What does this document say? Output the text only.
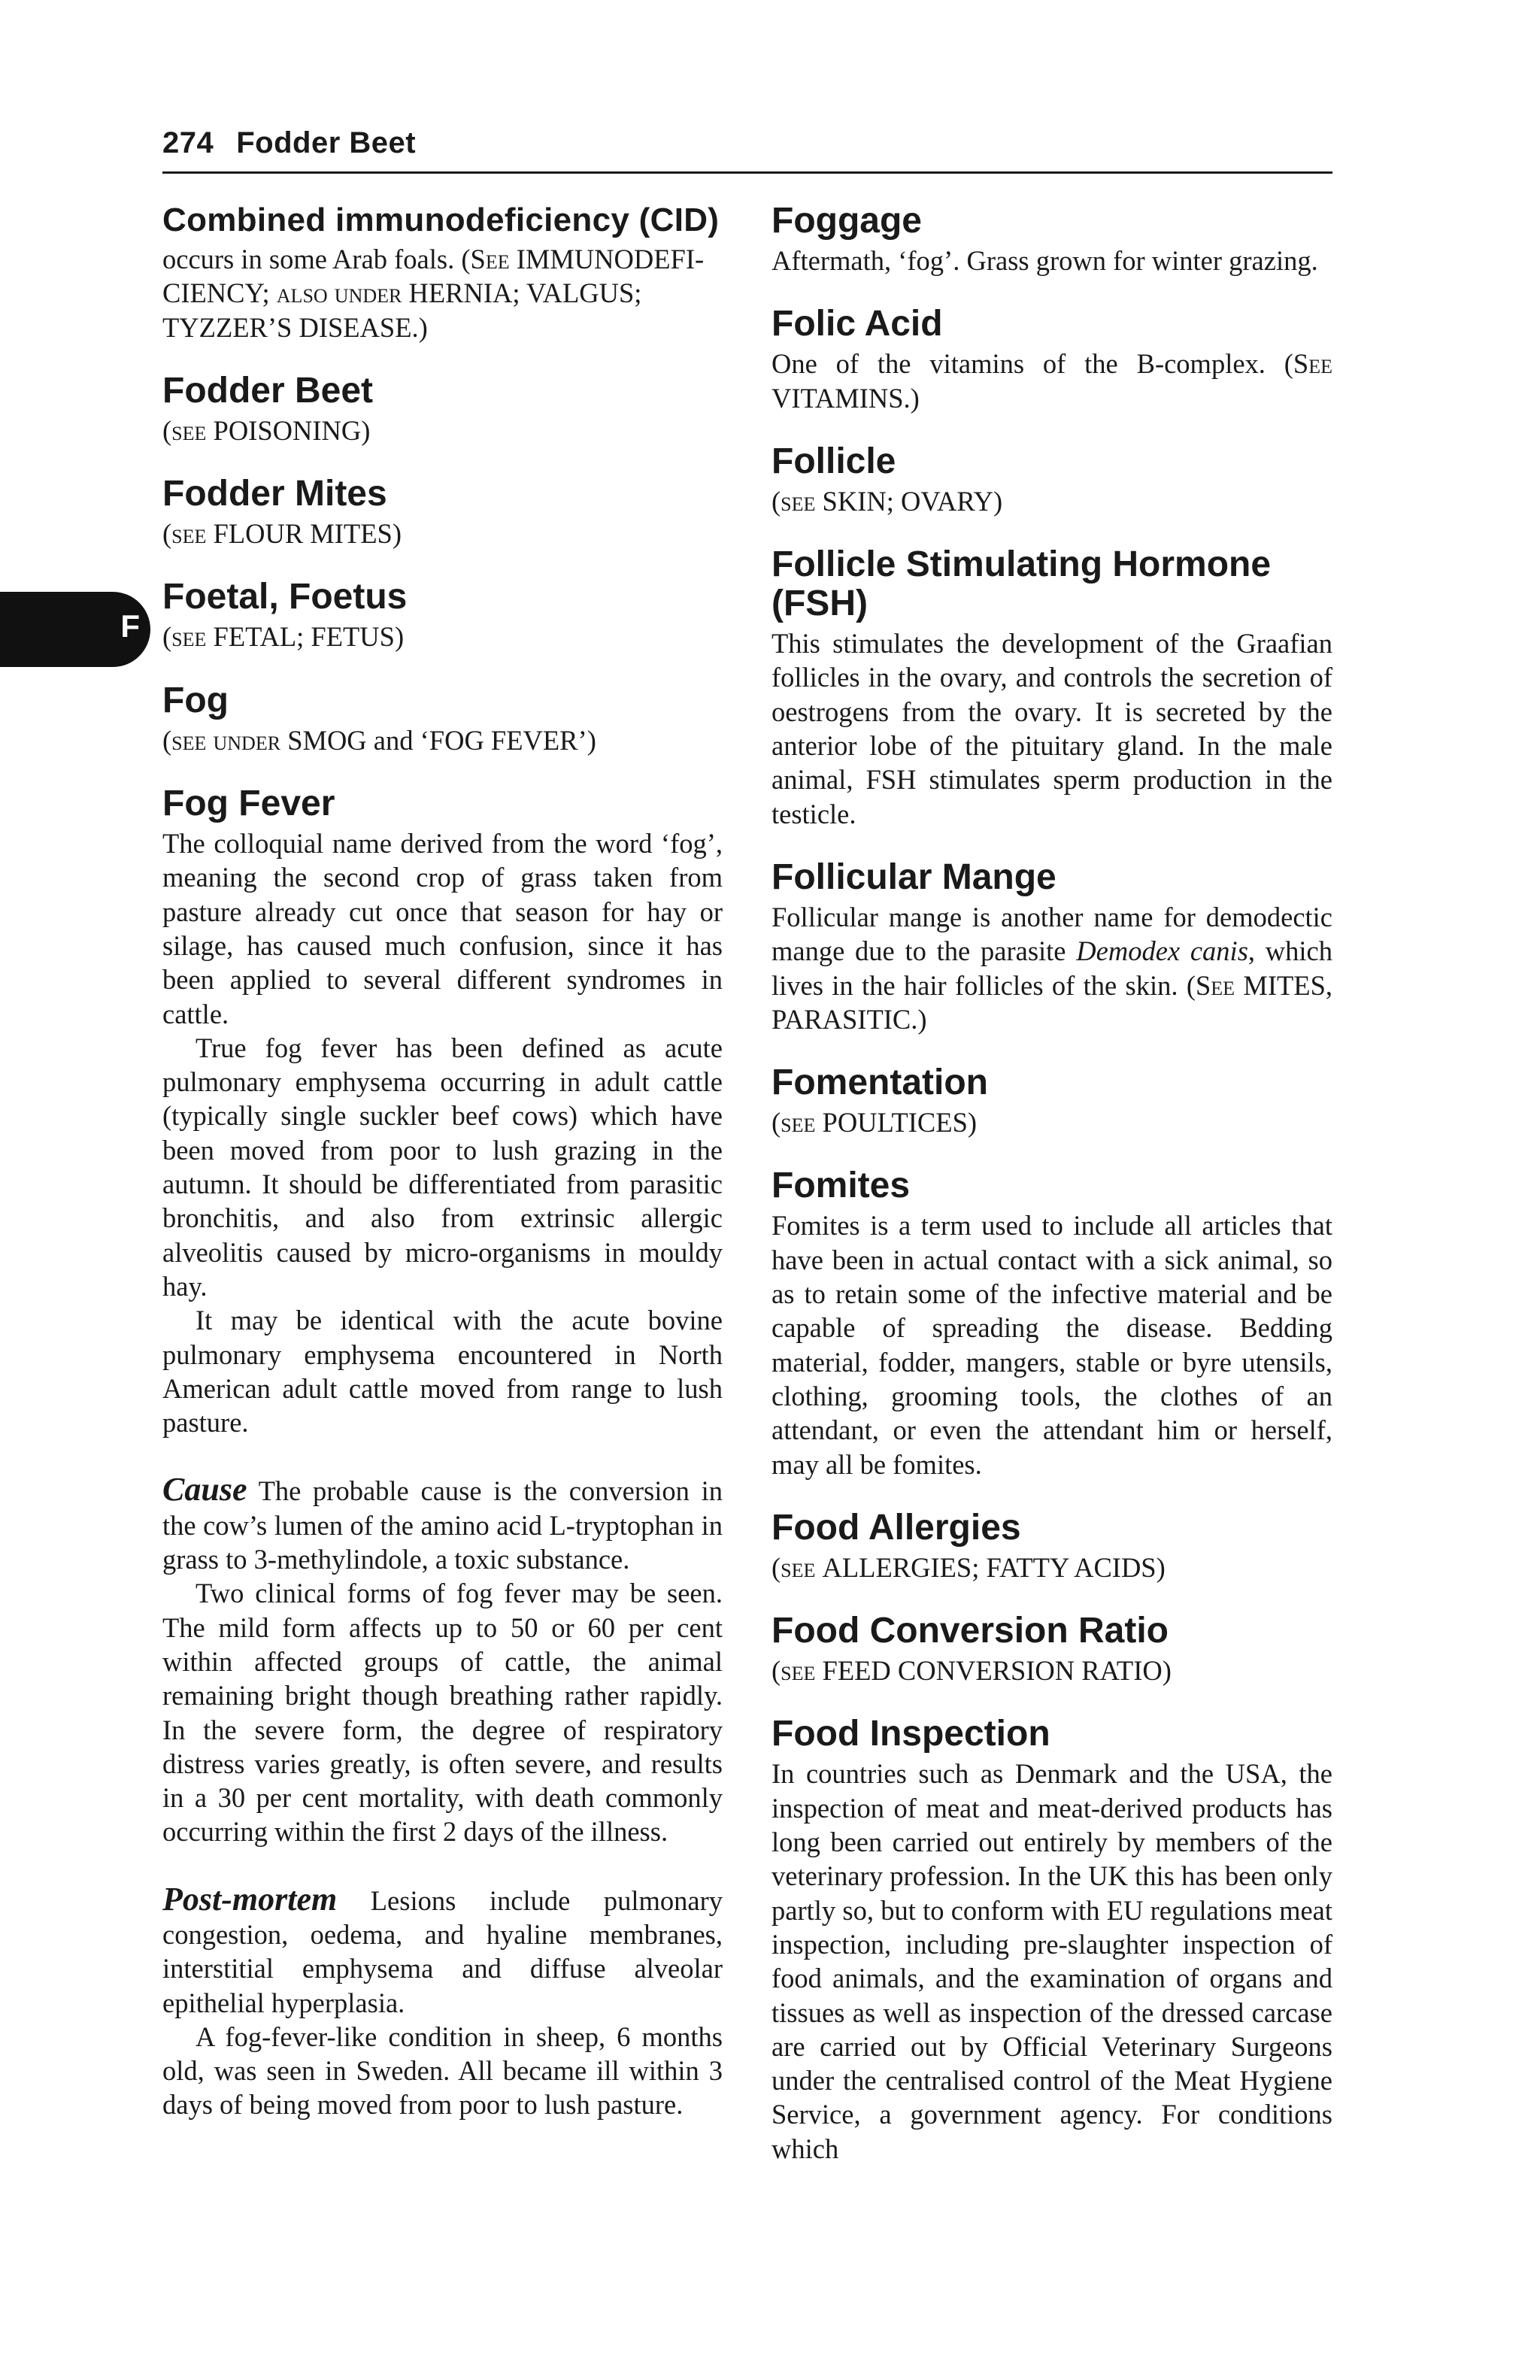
274 Fodder Beet
F
Combined immunodeficiency (CID)

occurs in some Arab foals. (See IMMUNODEFI- CIENCY; also under HERNIA; VALGUS; TYZZER’S DISEASE.)

Fodder Beet

(see POISONING)

Fodder Mites

(see FLOUR MITES)

Foetal, Foetus

(see FETAL; FETUS)

Fog

(see under SMOG and ‘FOG FEVER’)

Fog Fever

The colloquial name derived from the word ‘fog’, meaning the second crop of grass taken from pasture already cut once that season for hay or silage, has caused much confusion, since it has been applied to several different syndromes in cattle.

True fog fever has been defined as acute pulmonary emphysema occurring in adult cattle (typically single suckler beef cows) which have been moved from poor to lush grazing in the autumn. It should be differentiated from parasitic bronchitis, and also from extrinsic allergic alveolitis caused by micro-organisms in mouldy hay.

It may be identical with the acute bovine pulmonary emphysema encountered in North American adult cattle moved from range to lush pasture.

Cause The probable cause is the conversion in the cow’s lumen of the amino acid L-tryptophan in grass to 3-methylindole, a toxic substance.

Two clinical forms of fog fever may be seen. The mild form affects up to 50 or 60 per cent within affected groups of cattle, the animal remaining bright though breathing rather rapidly. In the severe form, the degree of respiratory distress varies greatly, is often severe, and results in a 30 per cent mortality, with death commonly occurring within the first 2 days of the illness.

Post-mortem Lesions include pulmonary congestion, oedema, and hyaline membranes, interstitial emphysema and diffuse alveolar epithelial hyperplasia.

A fog-fever-like condition in sheep, 6 months old, was seen in Sweden. All became ill within 3 days of being moved from poor to lush pasture.

Foggage

Aftermath, ‘fog’. Grass grown for winter grazing.

Folic Acid

One of the vitamins of the B-complex. (See VITAMINS.)

Follicle

(see SKIN; OVARY)

Follicle Stimulating Hormone (FSH)

This stimulates the development of the Graafian follicles in the ovary, and controls the secretion of oestrogens from the ovary. It is secreted by the anterior lobe of the pituitary gland. In the male animal, FSH stimulates sperm production in the testicle.

Follicular Mange

Follicular mange is another name for demodectic mange due to the parasite Demodex canis, which lives in the hair follicles of the skin. (See MITES, PARASITIC.)

Fomentation

(see POULTICES)

Fomites

Fomites is a term used to include all articles that have been in actual contact with a sick animal, so as to retain some of the infective material and be capable of spreading the disease. Bedding material, fodder, mangers, stable or byre utensils, clothing, grooming tools, the clothes of an attendant, or even the attendant him or herself, may all be fomites.

Food Allergies

(see ALLERGIES; FATTY ACIDS)

Food Conversion Ratio

(see FEED CONVERSION RATIO)

Food Inspection

In countries such as Denmark and the USA, the inspection of meat and meat-derived products has long been carried out entirely by members of the veterinary profession. In the UK this has been only partly so, but to conform with EU regulations meat inspection, including pre-slaughter inspection of food animals, and the examination of organs and tissues as well as inspection of the dressed carcase are carried out by Official Veterinary Surgeons under the centralised control of the Meat Hygiene Service, a government agency. For conditions which
